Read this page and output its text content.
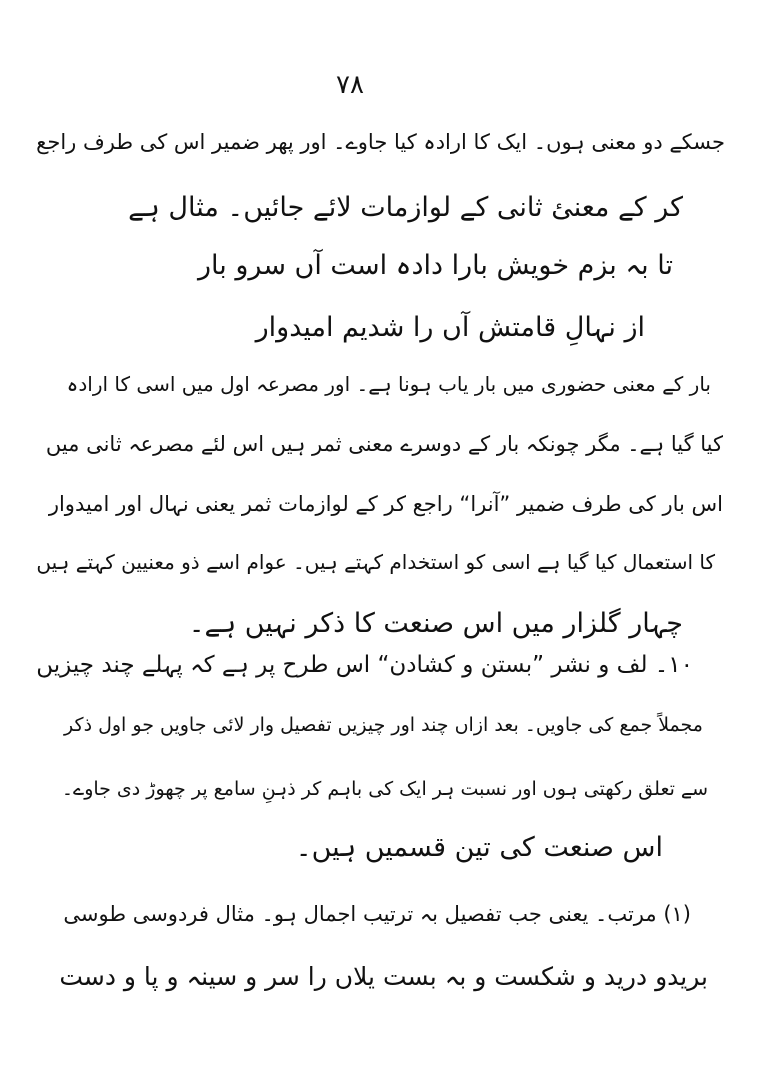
۷۸
جسکے دو معنی ہوں۔ ایک کا ارادہ کیا جاوے۔ اور پھر ضمیر اس کی طرف راجع
کر کے معنئ ثانی کے لوازمات لائے جائیں۔ مثال ہے
تا بہ بزم خویش بارا دادہ است آں سرو بار
از نہالِ قامتش آں را شدیم امیدوار
بار کے معنی حضوری میں بار یاب ہونا ہے۔ اور مصرعہ اول میں اسی کا ارادہ
کیا گیا ہے۔ مگر چونکہ بار کے دوسرے معنی ثمر ہیں اس لئے مصرعہ ثانی میں
اس بار کی طرف ضمیر ”آنرا“ راجع کر کے لوازمات ثمر یعنی نہال اور امیدوار
کا استعمال کیا گیا ہے اسی کو استخدام کہتے ہیں۔ عوام اسے ذو معنیین کہتے ہیں
چہار گلزار میں اس صنعت کا ذکر نہیں ہے۔
۱۰۔ لف و نشر ”بستن و کشادن“ اس طرح پر ہے کہ پہلے چند چیزیں
مجملاً جمع کی جاویں۔ بعد ازاں چند اور چیزیں تفصیل وار لائی جاویں جو اول ذکر
سے تعلق رکھتی ہوں اور نسبت ہر ایک کی باہم کر ذہنِ سامع پر چھوڑ دی جاوے۔
اس صنعت کی تین قسمیں ہیں۔
(۱) مرتب۔ یعنی جب تفصیل بہ ترتیب اجمال ہو۔ مثال فردوسی طوسی
بریدو درید و شکست و بہ بست یلاں را سر و سینہ و پا و دست
